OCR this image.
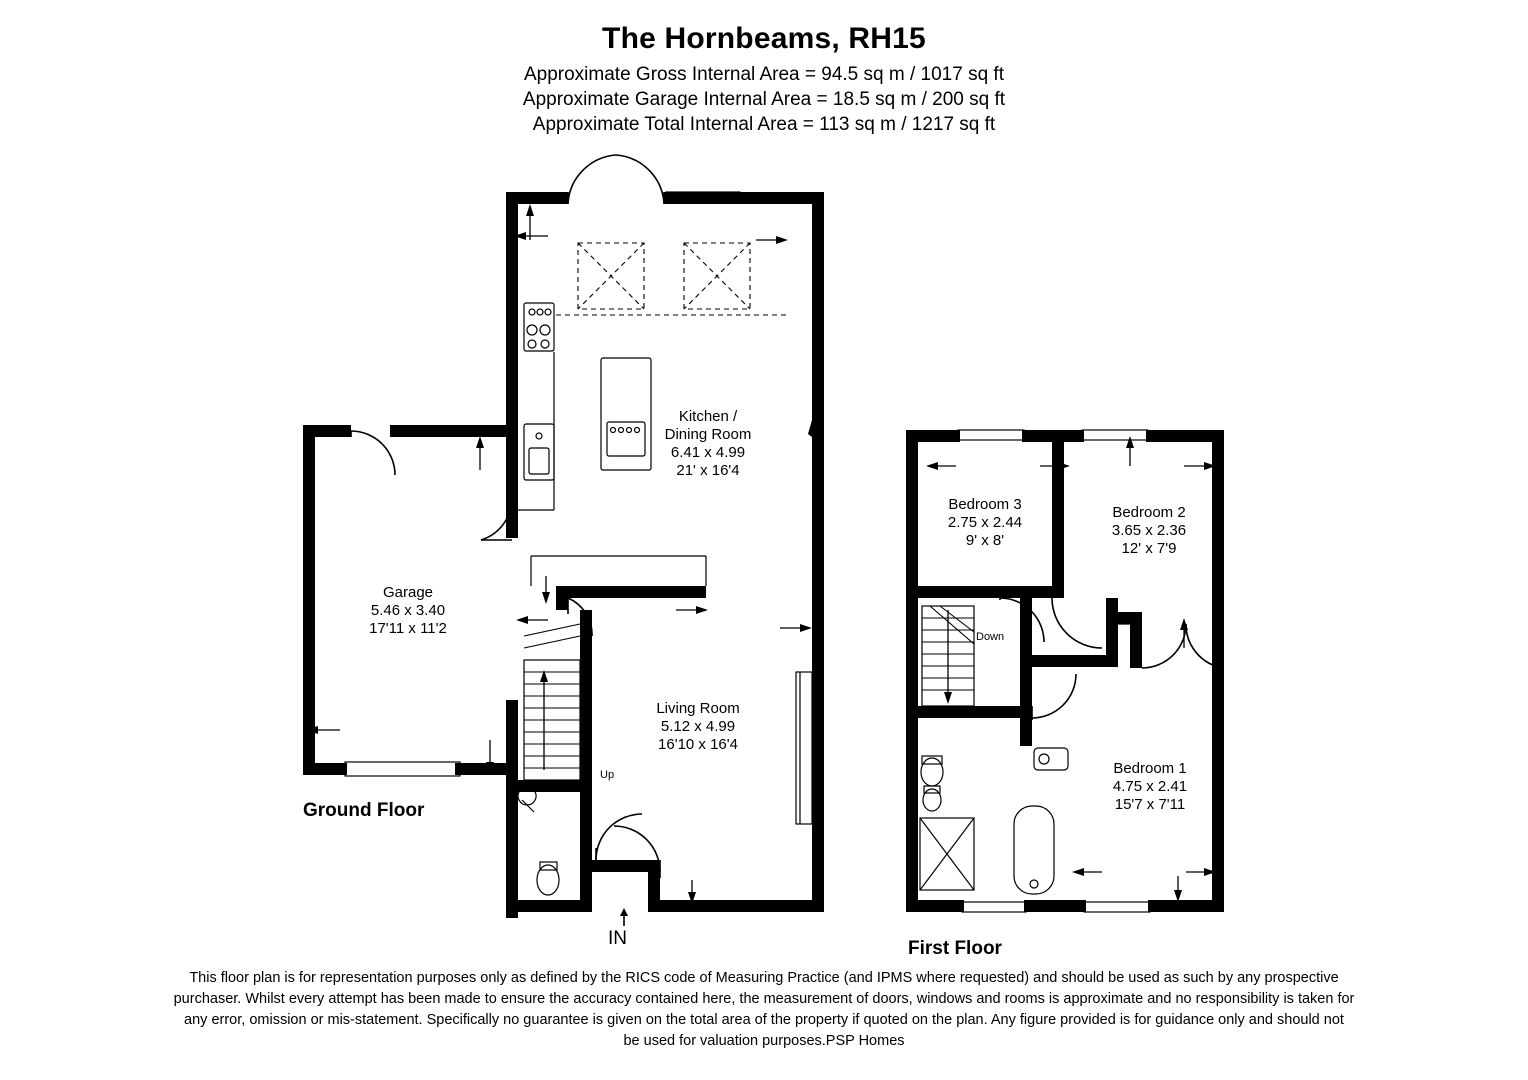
The Hornbeams, RH15
Approximate Gross Internal Area = 94.5 sq m / 1017 sq ft
Approximate Garage Internal Area = 18.5 sq m / 200 sq ft
Approximate Total Internal Area = 113 sq m / 1217 sq ft
Up
Down
Kitchen /
Dining Room
6.41 x 4.99
21' x 16'4
Garage
5.46 x 3.40
17'11 x 11'2
Living Room
5.12 x 4.99
16'10 x 16'4
Bedroom 3
2.75 x 2.44
9' x 8'
Bedroom 2
3.65 x 2.36
12' x 7'9
Bedroom 1
4.75 x 2.41
15'7 x 7'11
Ground Floor
First Floor
IN
This floor plan is for representation purposes only as defined by the RICS code of Measuring Practice (and IPMS where requested) and should be used as such by any prospective
purchaser. Whilst every attempt has been made to ensure the accuracy contained here, the measurement of doors, windows and rooms is approximate and no responsibility is taken for
any error, omission or mis-statement. Specifically no guarantee is given on the total area of the property if quoted on the plan. Any figure provided is for guidance only and should not
be used for valuation purposes.PSP Homes
